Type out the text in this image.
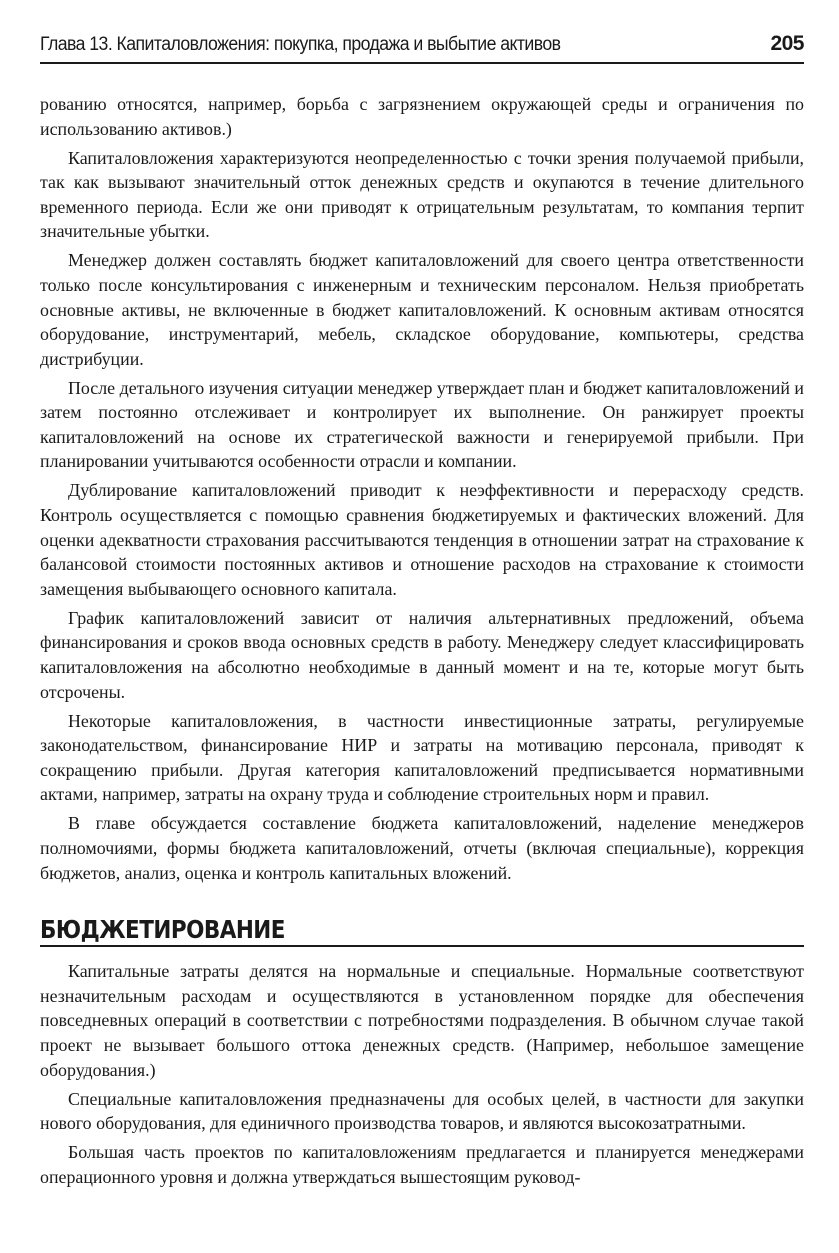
Глава 13. Капиталовложения: покупка, продажа и выбытие активов	205

рованию относятся, например, борьба с загрязнением окружающей среды и ограничения по использованию активов.)

Капиталовложения характеризуются неопределенностью с точки зрения получаемой прибыли, так как вызывают значительный отток денежных средств и окупаются в течение длительного временного периода. Если же они приводят к отрицательным результатам, то компания терпит значительные убытки.

Менеджер должен составлять бюджет капиталовложений для своего центра ответственности только после консультирования с инженерным и техническим персоналом. Нельзя приобретать основные активы, не включенные в бюджет капиталовложений. К основным активам относятся оборудование, инструментарий, мебель, складское оборудование, компьютеры, средства дистрибуции.

После детального изучения ситуации менеджер утверждает план и бюджет капиталовложений и затем постоянно отслеживает и контролирует их выполнение. Он ранжирует проекты капиталовложений на основе их стратегической важности и генерируемой прибыли. При планировании учитываются особенности отрасли и компании.

Дублирование капиталовложений приводит к неэффективности и перерасходу средств. Контроль осуществляется с помощью сравнения бюджетируемых и фактических вложений. Для оценки адекватности страхования рассчитываются тенденция в отношении затрат на страхование к балансовой стоимости постоянных активов и отношение расходов на страхование к стоимости замещения выбывающего основного капитала.

График капиталовложений зависит от наличия альтернативных предложений, объема финансирования и сроков ввода основных средств в работу. Менеджеру следует классифицировать капиталовложения на абсолютно необходимые в данный момент и на те, которые могут быть отсрочены.

Некоторые капиталовложения, в частности инвестиционные затраты, регулируемые законодательством, финансирование НИР и затраты на мотивацию персонала, приводят к сокращению прибыли. Другая категория капиталовложений предписывается нормативными актами, например, затраты на охрану труда и соблюдение строительных норм и правил.

В главе обсуждается составление бюджета капиталовложений, наделение менеджеров полномочиями, формы бюджета капиталовложений, отчеты (включая специальные), коррекция бюджетов, анализ, оценка и контроль капитальных вложений.

БЮДЖЕТИРОВАНИЕ

Капитальные затраты делятся на нормальные и специальные. Нормальные соответствуют незначительным расходам и осуществляются в установленном порядке для обеспечения повседневных операций в соответствии с потребностями подразделения. В обычном случае такой проект не вызывает большого оттока денежных средств. (Например, небольшое замещение оборудования.)

Специальные капиталовложения предназначены для особых целей, в частности для закупки нового оборудования, для единичного производства товаров, и являются высокозатратными.

Большая часть проектов по капиталовложениям предлагается и планируется менеджерами операционного уровня и должна утверждаться вышестоящим руковод-
